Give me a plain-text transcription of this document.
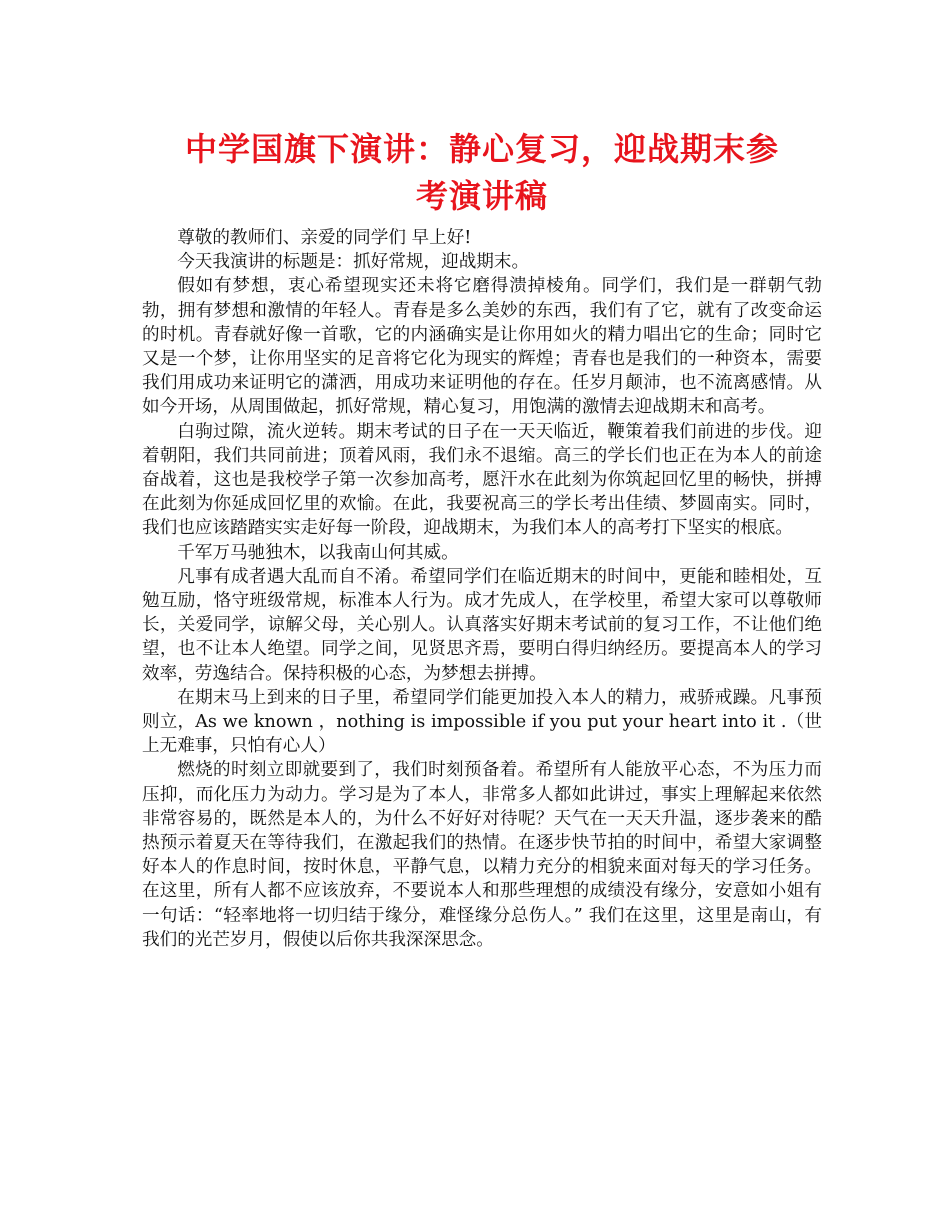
中学国旗下演讲：静心复习，迎战期末参
考演讲稿

尊敬的教师们、亲爱的同学们 早上好!

今天我演讲的标题是：抓好常规，迎战期末。

假如有梦想，衷心希望现实还未将它磨得溃掉棱角。同学们，我们是一群朝气勃勃，拥有梦想和激情的年轻人。青春是多么美妙的东西，我们有了它，就有了改变命运的时机。青春就好像一首歌，它的内涵确实是让你用如火的精力唱出它的生命；同时它又是一个梦，让你用坚实的足音将它化为现实的辉煌；青春也是我们的一种资本，需要我们用成功来证明它的潇洒，用成功来证明他的存在。任岁月颠沛，也不流离感情。从如今开场，从周围做起，抓好常规，精心复习，用饱满的激情去迎战期末和高考。

白驹过隙，流火逆转。期末考试的日子在一天天临近，鞭策着我们前进的步伐。迎着朝阳，我们共同前进；顶着风雨，我们永不退缩。高三的学长们也正在为本人的前途奋战着，这也是我校学子第一次参加高考，愿汗水在此刻为你筑起回忆里的畅快，拼搏在此刻为你延成回忆里的欢愉。在此，我要祝高三的学长考出佳绩、梦圆南实。同时，我们也应该踏踏实实走好每一阶段，迎战期末，为我们本人的高考打下坚实的根底。

千军万马驰独木，以我南山何其威。

凡事有成者遇大乱而自不淆。希望同学们在临近期末的时间中，更能和睦相处，互勉互励，恪守班级常规，标准本人行为。成才先成人，在学校里，希望大家可以尊敬师长，关爱同学，谅解父母，关心别人。认真落实好期末考试前的复习工作，不让他们绝望，也不让本人绝望。同学之间，见贤思齐焉，要明白得归纳经历。要提高本人的学习效率，劳逸结合。保持积极的心态，为梦想去拼搏。

在期末马上到来的日子里，希望同学们能更加投入本人的精力，戒骄戒躁。凡事预则立，As we known ，nothing is impossible if you put your heart into it .（世上无难事，只怕有心人）

燃烧的时刻立即就要到了，我们时刻预备着。希望所有人能放平心态，不为压力而压抑，而化压力为动力。学习是为了本人，非常多人都如此讲过，事实上理解起来依然非常容易的，既然是本人的，为什么不好好对待呢？天气在一天天升温，逐步袭来的酷热预示着夏天在等待我们，在激起我们的热情。在逐步快节拍的时间中，希望大家调整好本人的作息时间，按时休息，平静气息，以精力充分的相貌来面对每天的学习任务。在这里，所有人都不应该放弃，不要说本人和那些理想的成绩没有缘分，安意如小姐有一句话：“轻率地将一切归结于缘分，难怪缘分总伤人。” 我们在这里，这里是南山，有我们的光芒岁月，假使以后你共我深深思念。
